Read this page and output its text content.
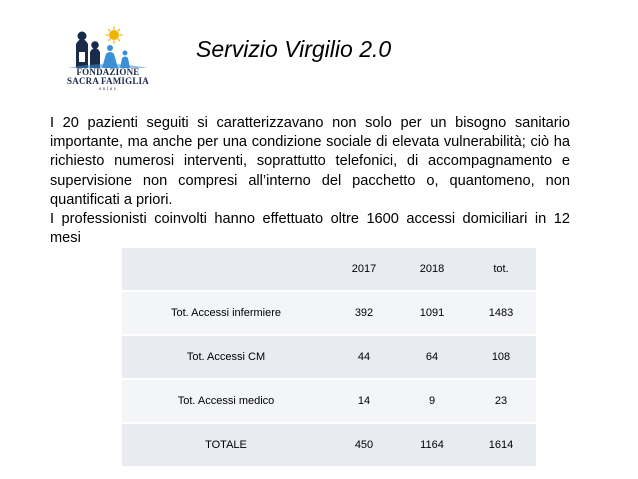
FONDAZIONE
SACRA FAMIGLIA
onlus
Servizio Virgilio 2.0

I 20 pazienti seguiti si caratterizzavano non solo per un bisogno sanitario importante, ma anche per una condizione sociale di elevata vulnerabilità; ciò ha richiesto numerosi interventi, soprattutto telefonici, di accompagnamento e supervisione non compresi all’interno del pacchetto o, quantomeno, non quantificati a priori.

I professionisti coinvolti hanno effettuato oltre 1600 accessi domiciliari in 12 mesi

	2017	2018	tot.
Tot. Accessi infermiere	392	1091	1483
Tot. Accessi CM	44	64	108
Tot. Accessi medico	14	9	23
TOTALE	450	1164	1614
